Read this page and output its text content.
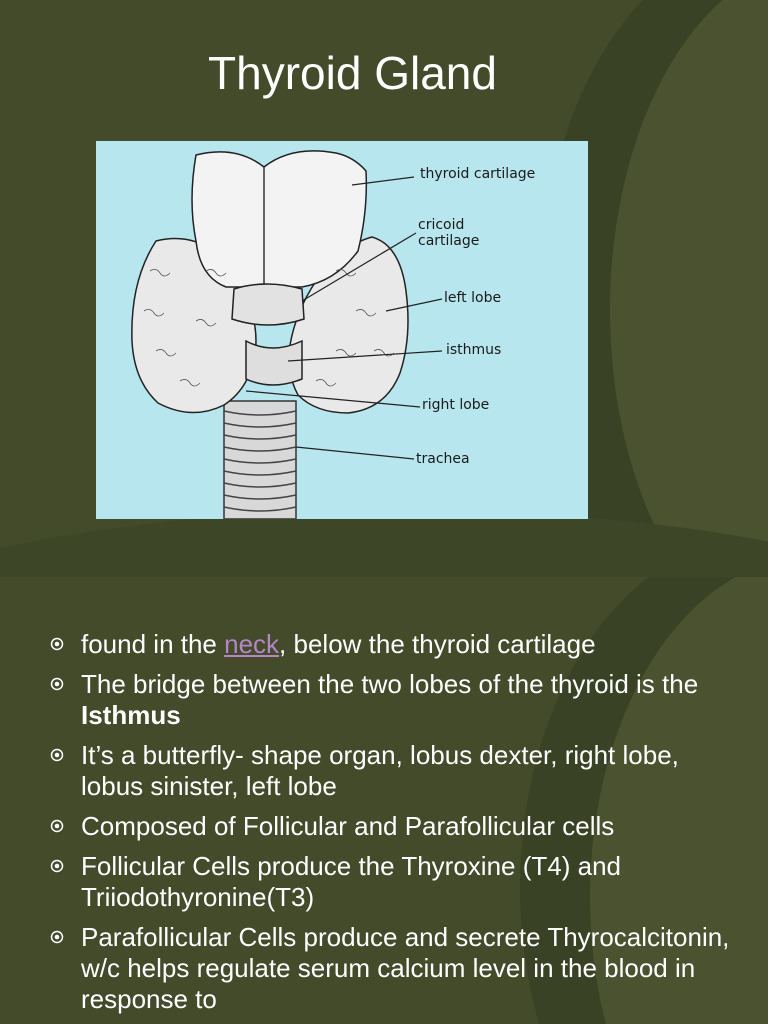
Thyroid Gland
thyroid cartilage
cricoid
cartilage
left lobe
isthmus
right lobe
trachea
found in the neck, below the thyroid cartilage
The bridge between the two lobes of the thyroid is the Isthmus
It’s a butterfly- shape organ, lobus dexter, right lobe, lobus sinister, left lobe
Composed of Follicular and Parafollicular cells
Follicular Cells produce the Thyroxine (T4) and Triiodothyronine(T3)
Parafollicular Cells produce and secrete Thyrocalcitonin, w/c helps regulate serum calcium level in the blood in response to
